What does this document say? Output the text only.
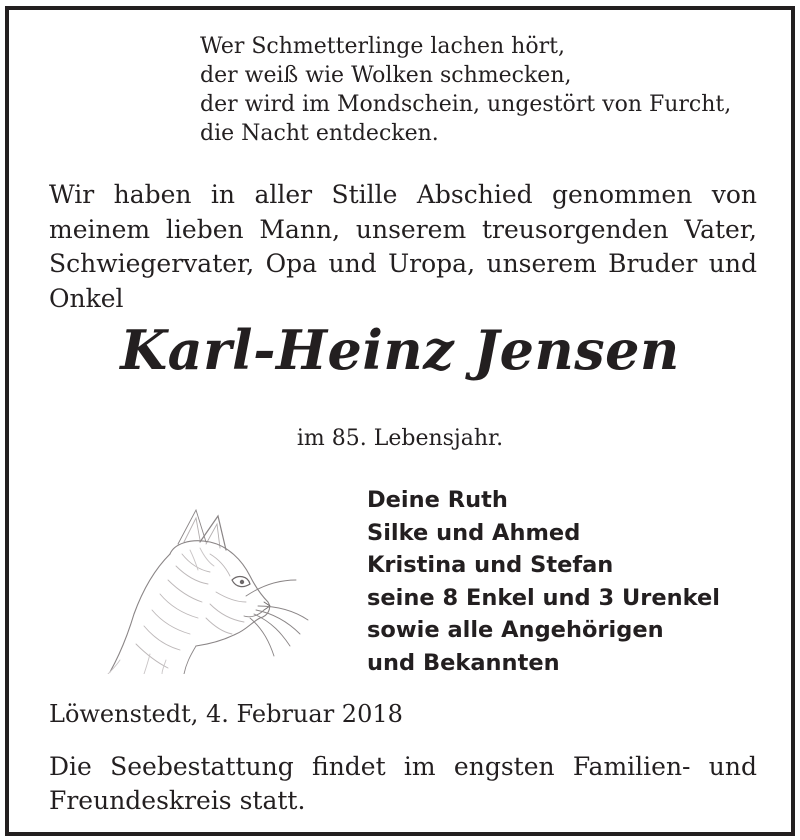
Wer Schmetterlinge lachen hört,
der weiß wie Wolken schmecken,
der wird im Mondschein, ungestört von Furcht,
die Nacht entdecken.
Wir haben in aller Stille Abschied genommen von
meinem lieben Mann, unserem treusorgenden Vater,
Schwiegervater, Opa und Uropa, unserem Bruder und
Onkel
Karl-Heinz Jensen
im 85. Lebensjahr.
Deine Ruth
Silke und Ahmed
Kristina und Stefan
seine 8 Enkel und 3 Urenkel
sowie alle Angehörigen
und Bekannten
Löwenstedt, 4. Februar 2018
Die Seebestattung findet im engsten Familien- und
Freundeskreis statt.
